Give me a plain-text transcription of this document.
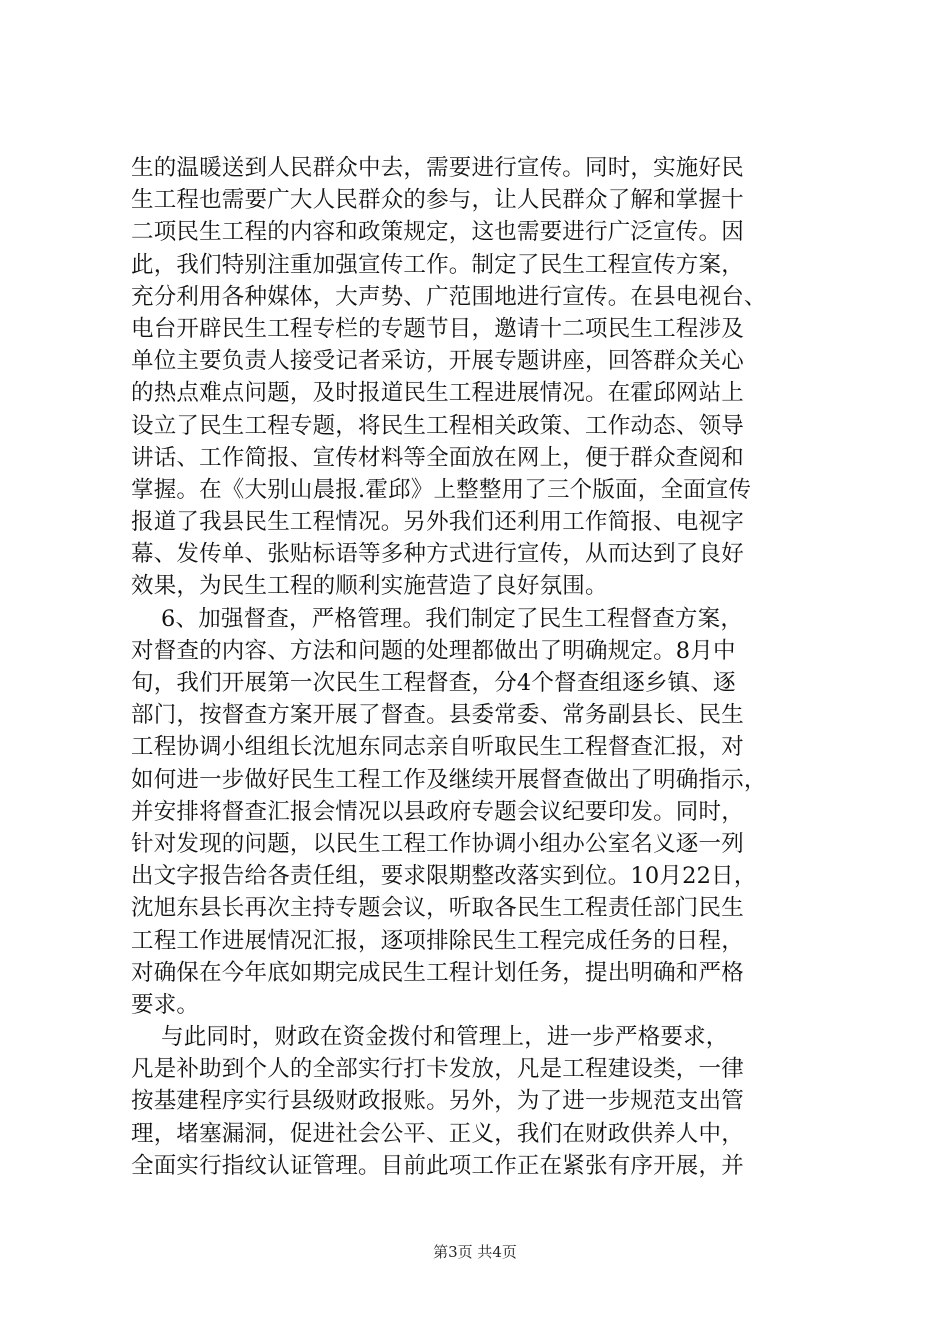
生的温暖送到人民群众中去，需要进行宣传。同时，实施好民
生工程也需要广大人民群众的参与，让人民群众了解和掌握十
二项民生工程的内容和政策规定，这也需要进行广泛宣传。因
此，我们特别注重加强宣传工作。制定了民生工程宣传方案，
充分利用各种媒体，大声势、广范围地进行宣传。在县电视台、
电台开辟民生工程专栏的专题节目，邀请十二项民生工程涉及
单位主要负责人接受记者采访，开展专题讲座，回答群众关心
的热点难点问题，及时报道民生工程进展情况。在霍邱网站上
设立了民生工程专题，将民生工程相关政策、工作动态、领导
讲话、工作简报、宣传材料等全面放在网上，便于群众查阅和
掌握。在《大别山晨报.霍邱》上整整用了三个版面，全面宣传
报道了我县民生工程情况。另外我们还利用工作简报、电视字
幕、发传单、张贴标语等多种方式进行宣传，从而达到了良好
效果，为民生工程的顺利实施营造了良好氛围。
6、加强督查，严格管理。我们制定了民生工程督查方案，
对督查的内容、方法和问题的处理都做出了明确规定。8月中
旬，我们开展第一次民生工程督查，分4个督查组逐乡镇、逐
部门，按督查方案开展了督查。县委常委、常务副县长、民生
工程协调小组组长沈旭东同志亲自听取民生工程督查汇报，对
如何进一步做好民生工程工作及继续开展督查做出了明确指示，
并安排将督查汇报会情况以县政府专题会议纪要印发。同时，
针对发现的问题，以民生工程工作协调小组办公室名义逐一列
出文字报告给各责任组，要求限期整改落实到位。10月22日，
沈旭东县长再次主持专题会议，听取各民生工程责任部门民生
工程工作进展情况汇报，逐项排除民生工程完成任务的日程，
对确保在今年底如期完成民生工程计划任务，提出明确和严格
要求。
与此同时，财政在资金拨付和管理上，进一步严格要求，
凡是补助到个人的全部实行打卡发放，凡是工程建设类，一律
按基建程序实行县级财政报账。另外，为了进一步规范支出管
理，堵塞漏洞，促进社会公平、正义，我们在财政供养人中，
全面实行指纹认证管理。目前此项工作正在紧张有序开展，并
第3页 共4页
